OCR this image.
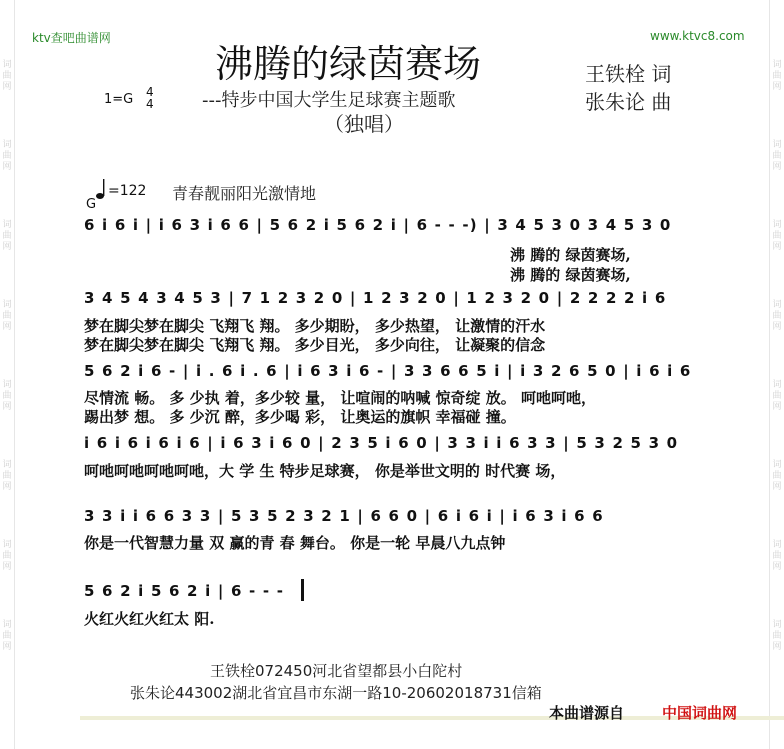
词曲网
词曲网
词曲网
词曲网
词曲网
词曲网
词曲网
词曲网
词曲网
词曲网
词曲网
词曲网
词曲网
词曲网
词曲网
词曲网
ktv查吧曲谱网	www.ktvc8.com
沸腾的绿茵赛场
---特步中国大学生足球赛主题歌
（独唱）
王铁栓 词
张朱论 曲
1=G 4
4
=122 青春靓丽阳光激情地
G
6 i 6 i | i 6 3 i 6 6 | 5 6 2 i 5 6 2 i | 6 - - -) | 3 4 5 3 0 3 4 5 3 0
沸 腾的 绿茵赛场,
沸 腾的 绿茵赛场,
3 4 5 4 3 4 5 3 | 7 1 2 3 2 0 | 1 2 3 2 0 | 1 2 3 2 0 | 2 2 2 2 i 6
梦在脚尖梦在脚尖 飞翔飞 翔。 多少期盼， 多少热望， 让激情的汗水
梦在脚尖梦在脚尖 飞翔飞 翔。 多少目光， 多少向往， 让凝聚的信念
5 6 2 i 6 - | i . 6 i . 6 | i 6 3 i 6 - | 3 3 6 6 5 i | i 3 2 6 5 0 | i 6 i 6
尽情流 畅。 多 少执 着，多少较 量， 让喧闹的呐喊 惊奇绽 放。 呵吔呵吔，
踢出梦 想。 多 少沉 醉，多少喝 彩， 让奥运的旗帜 幸福碰 撞。
i 6 i 6 i 6 i 6 | i 6 3 i 6 0 | 2 3 5 i 6 0 | 3 3 i i 6 3 3 | 5 3 2 5 3 0
呵吔呵吔呵吔呵吔，大 学 生 特步足球赛， 你是举世文明的 时代赛 场，
3 3 i i 6 6 3 3 | 5 3 5 2 3 2 1 | 6 6 0 | 6 i 6 i | i 6 3 i 6 6
你是一代智慧力量 双 赢的青 春 舞台。 你是一轮 早晨八九点钟
5 6 2 i 5 6 2 i | 6 - - -
火红火红火红太 阳.
王铁栓072450河北省望都县小白陀村
张朱论443002湖北省宜昌市东湖一路10-20602018731信箱
本曲谱源自	中国词曲网
